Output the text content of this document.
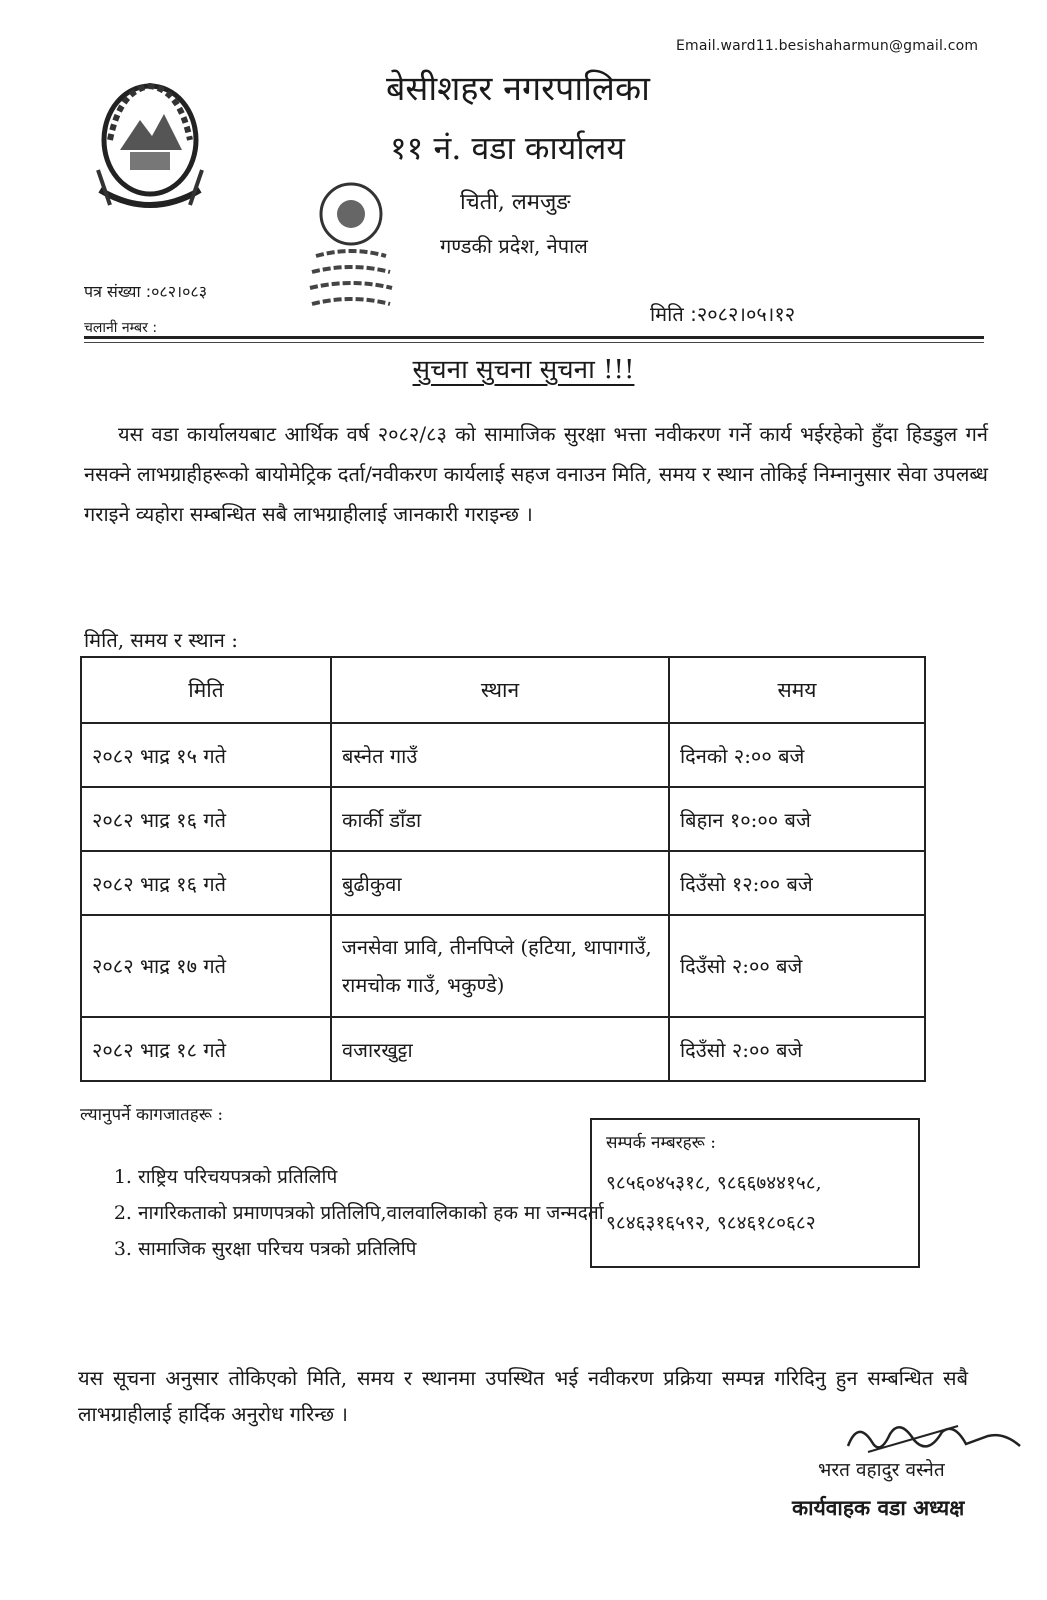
Email.ward11.besishaharmun@gmail.com
बेसीशहर नगरपालिका
११ नं. वडा कार्यालय
चिती, लमजुङ
गण्डकी प्रदेश, नेपाल
पत्र संख्या :०८२।०८३
चलानी नम्बर :
मिति :२०८२।०५।१२
सुचना सुचना सुचना !!!
यस वडा कार्यालयबाट आर्थिक वर्ष २०८२/८३ को सामाजिक सुरक्षा भत्ता नवीकरण गर्ने कार्य भईरहेको हुँदा हिडडुल गर्न नसक्ने लाभग्राहीहरूको बायोमेट्रिक दर्ता/नवीकरण कार्यलाई सहज वनाउन मिति, समय र स्थान तोकिई निम्नानुसार सेवा उपलब्ध गराइने व्यहोरा सम्बन्धित सबै लाभग्राहीलाई जानकारी गराइन्छ ।
मिति, समय र स्थान :
मिति	स्थान	समय
२०८२ भाद्र १५ गते	बस्नेत गाउँ	दिनको २:०० बजे
२०८२ भाद्र १६ गते	कार्की डाँडा	बिहान १०:०० बजे
२०८२ भाद्र १६ गते	बुढीकुवा	दिउँसो १२:०० बजे
२०८२ भाद्र १७ गते	जनसेवा प्रावि, तीनपिप्ले (हटिया, थापागाउँ, रामचोक गाउँ, भकुण्डे)	दिउँसो २:०० बजे
२०८२ भाद्र १८ गते	वजारखुट्टा	दिउँसो २:०० बजे
ल्यानुपर्ने कागजातहरू :
1. राष्ट्रिय परिचयपत्रको प्रतिलिपि
2. नागरिकताको प्रमाणपत्रको प्रतिलिपि,वालवालिकाको हक मा जन्मदर्ता
3. सामाजिक सुरक्षा परिचय पत्रको प्रतिलिपि
सम्पर्क नम्बरहरू :
९८५६०४५३१८, ९८६६७४४१५८,
९८४६३१६५९२, ९८४६१८०६८२
यस सूचना अनुसार तोकिएको मिति, समय र स्थानमा उपस्थित भई नवीकरण प्रक्रिया सम्पन्न गरिदिनु हुन सम्बन्धित सबै लाभग्राहीलाई हार्दिक अनुरोध गरिन्छ ।
भरत वहादुर वस्नेत
कार्यवाहक वडा अध्यक्ष
